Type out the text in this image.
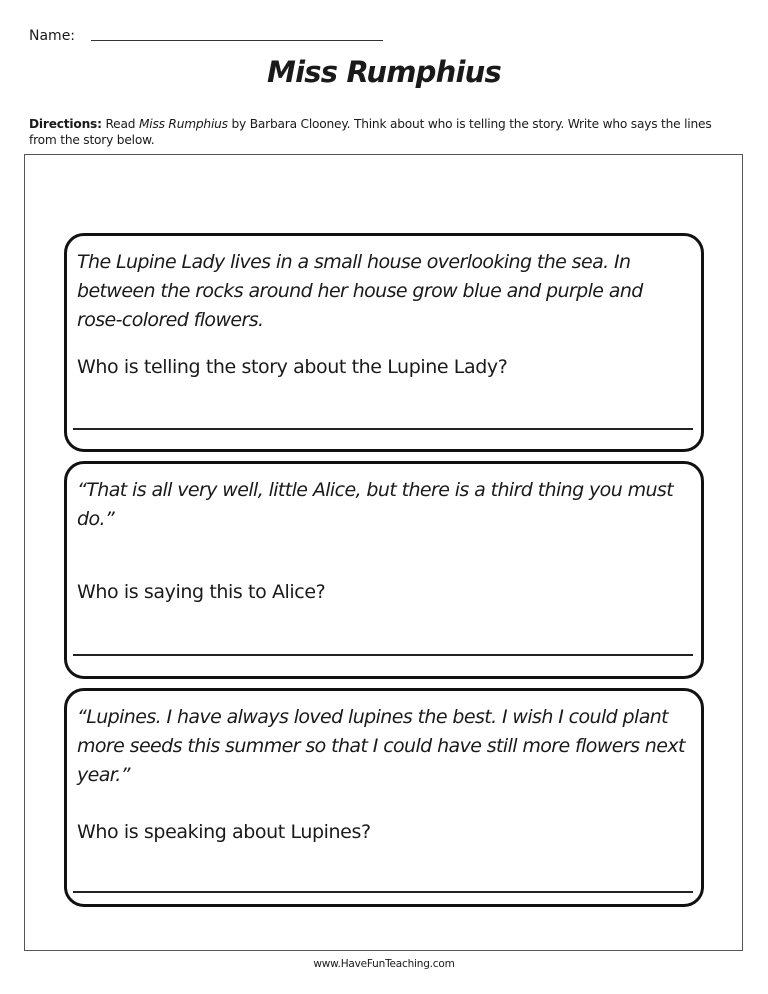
Name:
Miss Rumphius
Directions: Read Miss Rumphius by Barbara Clooney. Think about who is telling the story. Write who says the lines from the story below.

The Lupine Lady lives in a small house overlooking the sea. In between the rocks around her house grow blue and purple and rose-colored flowers.

Who is telling the story about the Lupine Lady?

“That is all very well, little Alice, but there is a third thing you must do.”

Who is saying this to Alice?

“Lupines. I have always loved lupines the best. I wish I could plant more seeds this summer so that I could have still more flowers next year.”

Who is speaking about Lupines?
www.HaveFunTeaching.com
